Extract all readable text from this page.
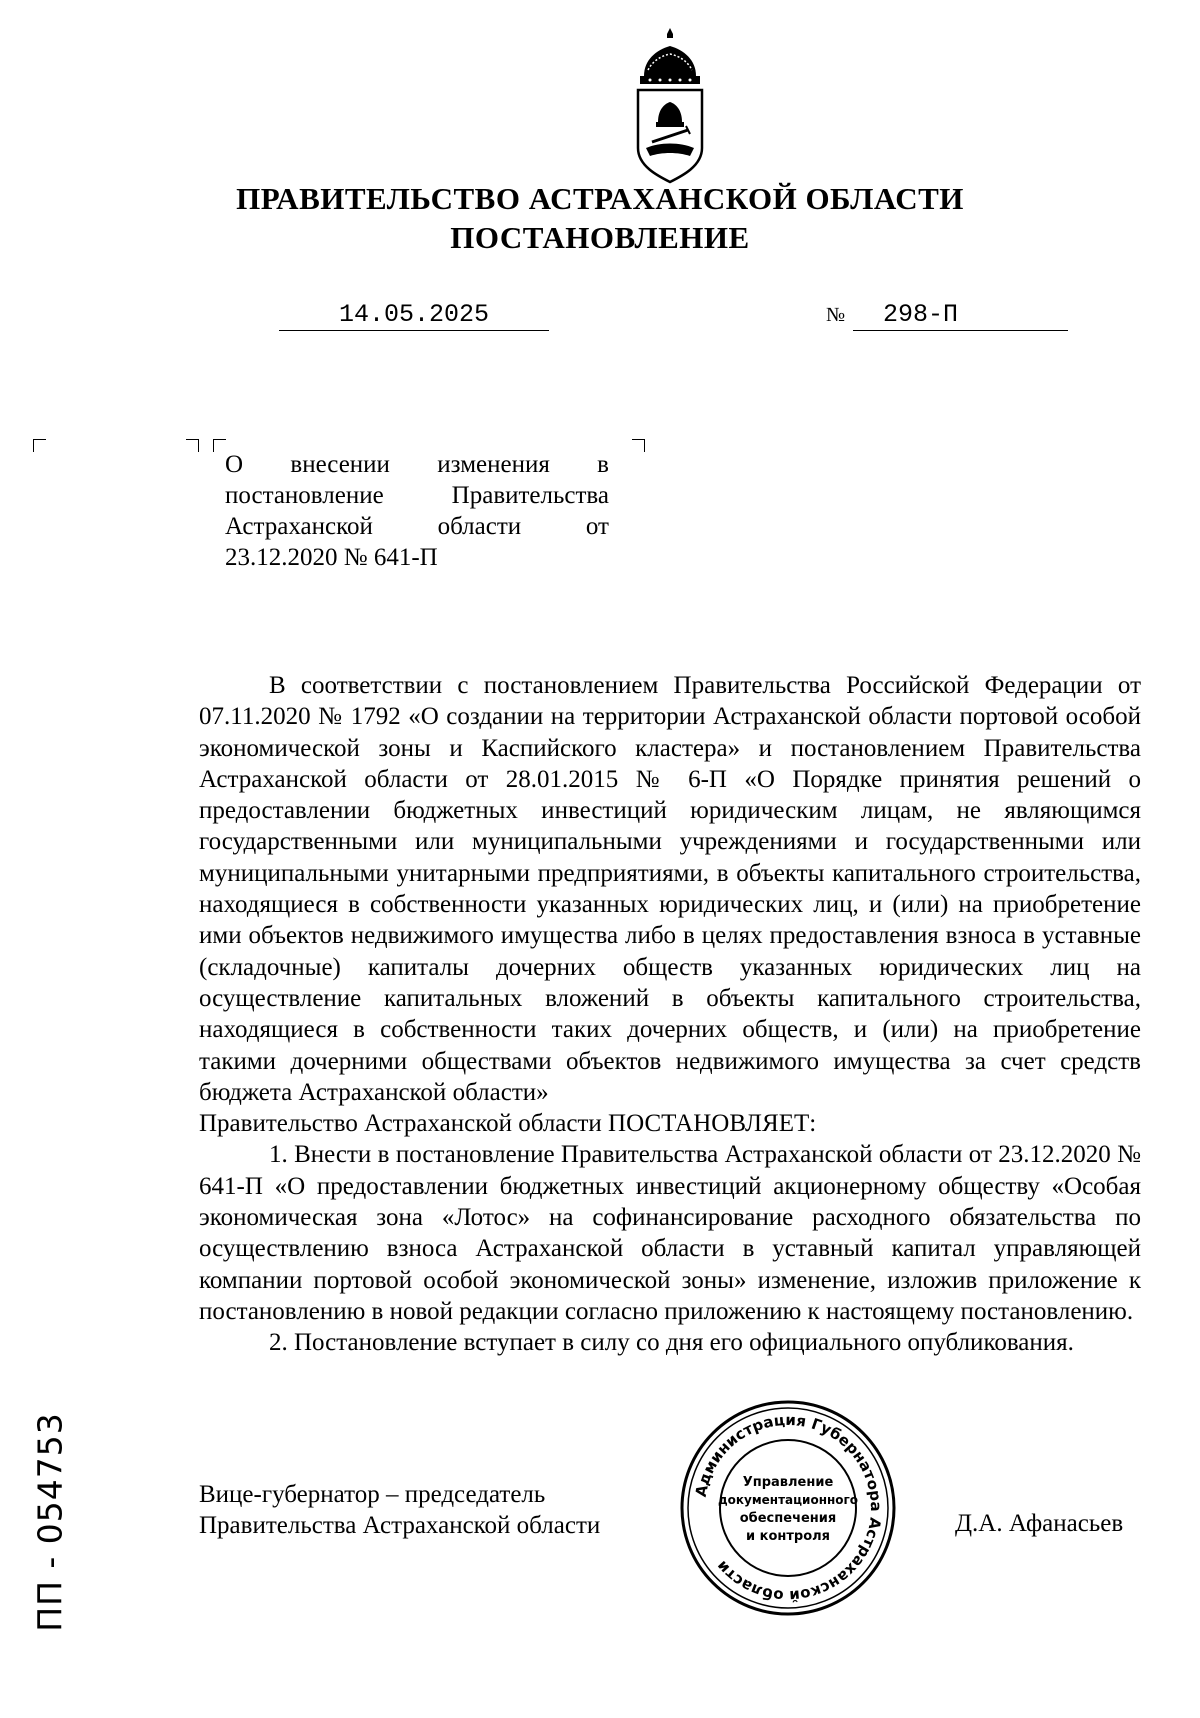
ПРАВИТЕЛЬСТВО АСТРАХАНСКОЙ ОБЛАСТИ
ПОСТАНОВЛЕНИЕ
14.05.2025	№	298-П
О внесении изменения в постановление Правительства Астраханской области от 23.12.2020 № 641-П

В соответствии с постановлением Правительства Российской Федерации от 07.11.2020 № 1792 «О создании на территории Астраханской области портовой особой экономической зоны и Каспийского кластера» и постановлением Правительства Астраханской области от 28.01.2015 № 6-П «О Порядке принятия решений о предоставлении бюджетных инвестиций юридическим лицам, не являющимся государственными или муниципальными учреждениями и государственными или муниципальными унитарными предприятиями, в объекты капитального строительства, находящиеся в собственности указанных юридических лиц, и (или) на приобретение ими объектов недвижимого имущества либо в целях предоставления взноса в уставные (складочные) капиталы дочерних обществ указанных юридических лиц на осуществление капитальных вложений в объекты капитального строительства, находящиеся в собственности таких дочерних обществ, и (или) на приобретение такими дочерними обществами объектов недвижимого имущества за счет средств бюджета Астраханской области»

Правительство Астраханской области ПОСТАНОВЛЯЕТ:

1. Внести в постановление Правительства Астраханской области от 23.12.2020 № 641-П «О предоставлении бюджетных инвестиций акционерному обществу «Особая экономическая зона «Лотос» на софинансирование расходного обязательства по осуществлению взноса Астраханской области в уставный капитал управляющей компании портовой особой экономической зоны» изменение, изложив приложение к постановлению в новой редакции согласно приложению к настоящему постановлению.

2. Постановление вступает в силу со дня его официального опубликования.

Вице-губернатор – председатель
Правительства Астраханской области
Администрация Губернатора Астраханской области
Управление
документационного
обеспечения
и контроля	Д.А. Афанасьев
ПП - 054753
